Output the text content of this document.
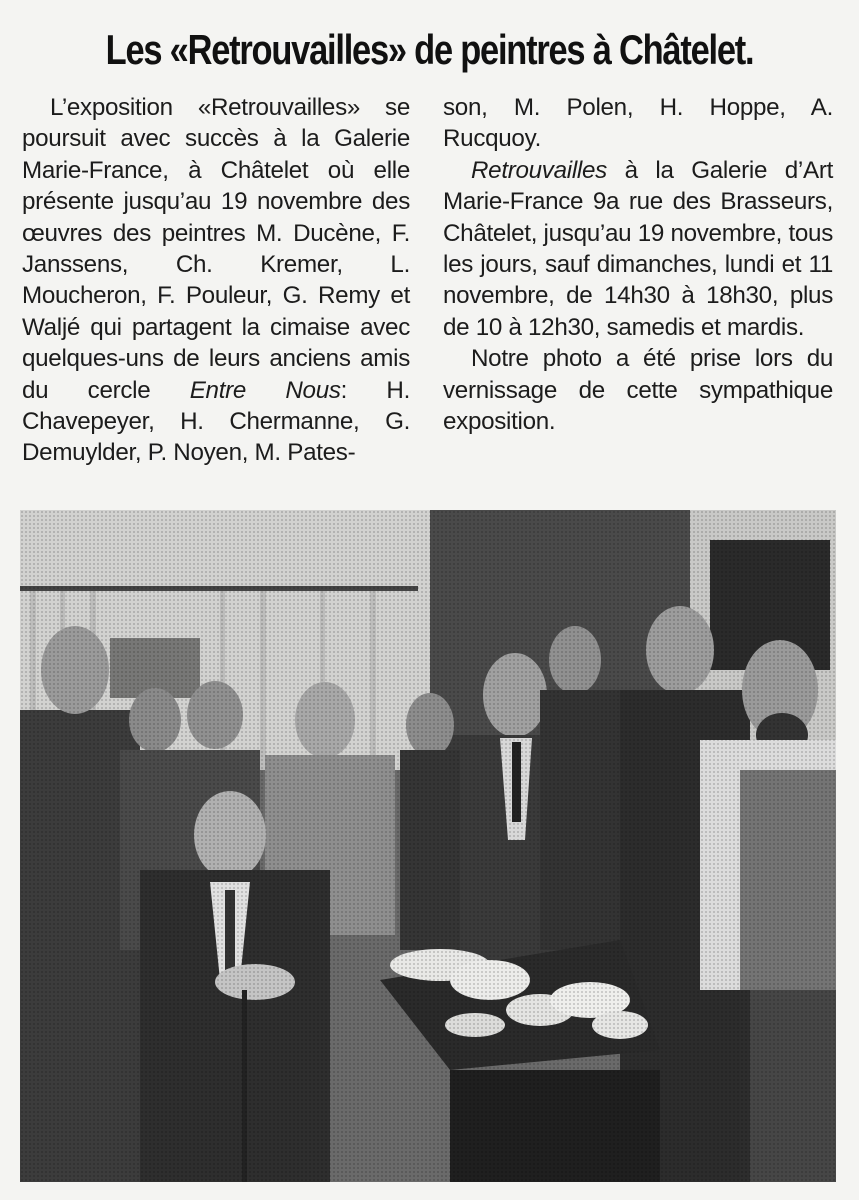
Les «Retrouvailles» de peintres à Châtelet.

L’exposition «Retrouvailles» se poursuit avec succès à la Galerie Marie-France, à Châtelet où elle présente jusqu’au 19 novembre des œuvres des peintres M. Ducène, F. Janssens, Ch. Kremer, L. Moucheron, F. Pouleur, G. Remy et Waljé qui partagent la cimaise avec quelques-uns de leurs anciens amis du cercle Entre Nous: H. Chavepeyer, H. Chermanne, G. Demuylder, P. Noyen, M. Pates-

son, M. Polen, H. Hoppe, A. Rucquoy.

Retrouvailles à la Galerie d’Art Marie-France 9a rue des Brasseurs, Châtelet, jusqu’au 19 novembre, tous les jours, sauf dimanches, lundi et 11 novembre, de 14h30 à 18h30, plus de 10 à 12h30, samedis et mardis.

Notre photo a été prise lors du vernissage de cette sympathique exposition.
